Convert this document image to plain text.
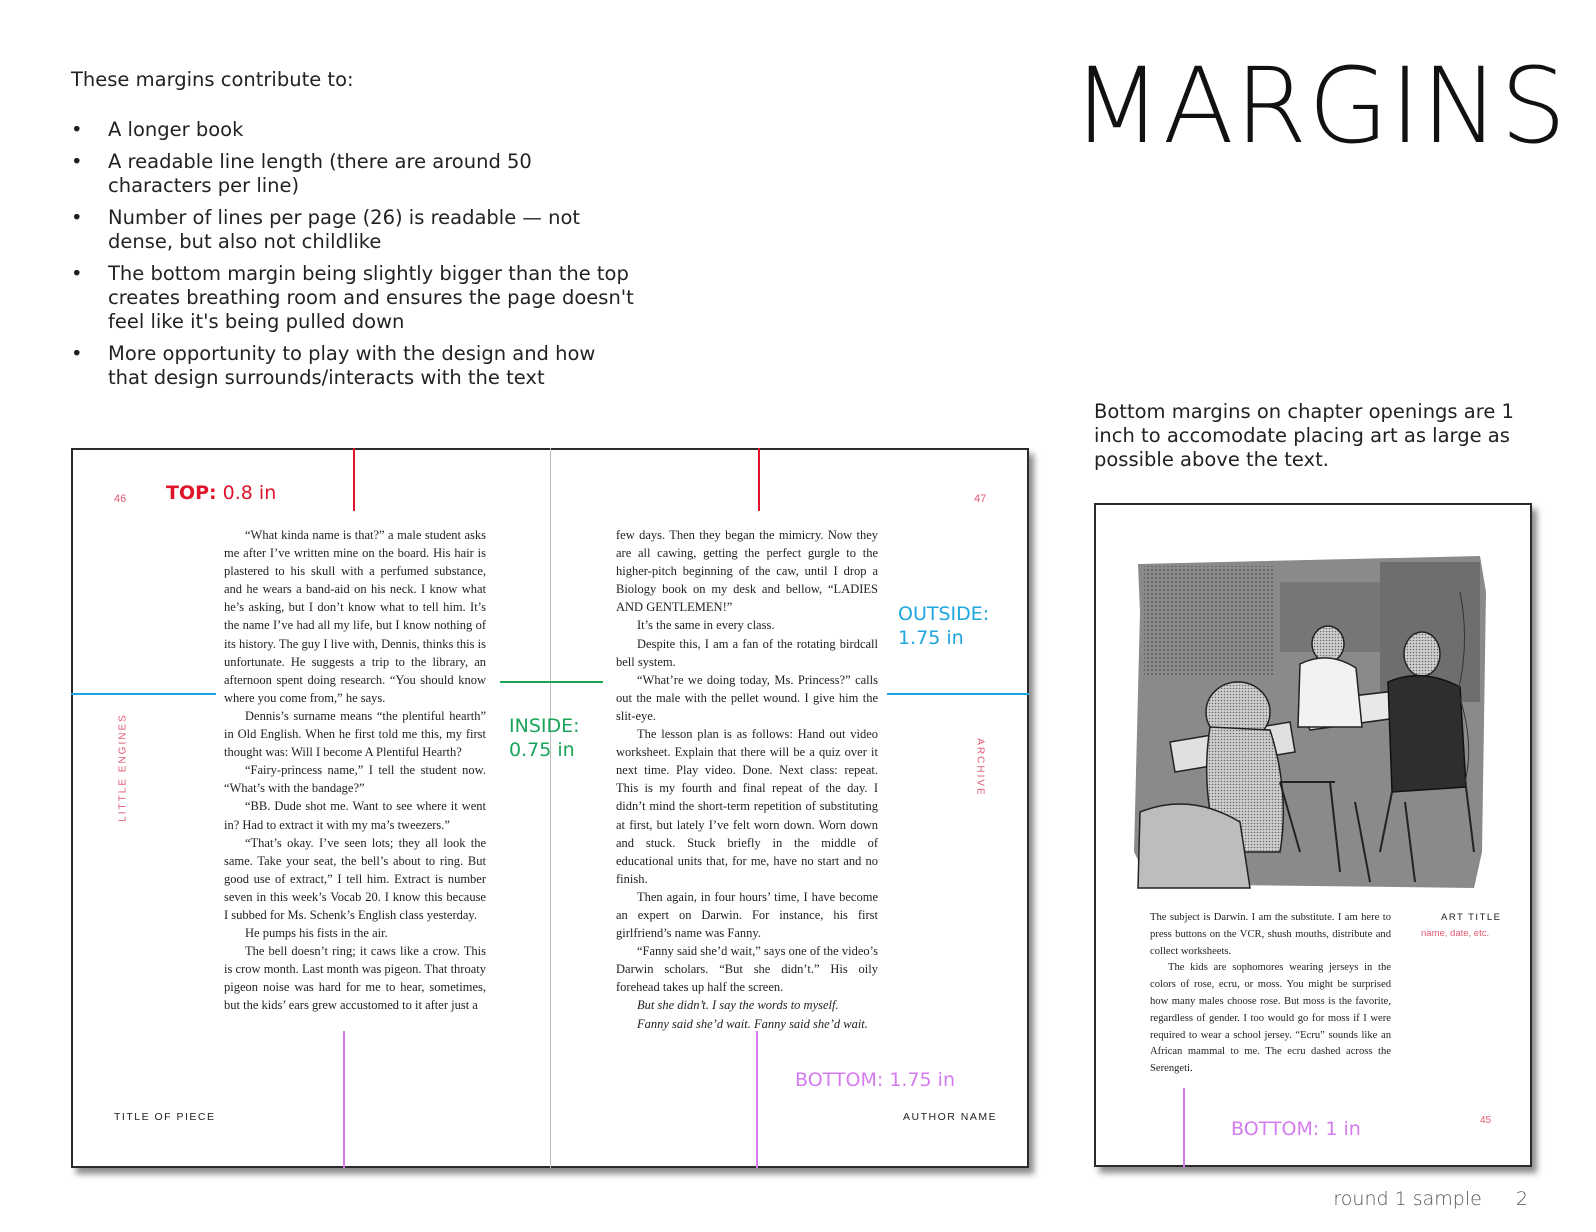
These margins contribute to:
• A longer book
• A readable line length (there are around 50 characters per line)
• Number of lines per page (26) is readable — not dense, but also not childlike
• The bottom margin being slightly bigger than the top creates breathing room and ensures the page doesn't feel like it's being pulled down
• More opportunity to play with the design and how that design surrounds/interacts with the text
MARGINS
Bottom margins on chapter openings are 1 inch to accomodate placing art as large as possible above the text.
46
LITTLE ENGINES

“What kinda name is that?” a male student asks me after I’ve written mine on the board. His hair is plastered to his skull with a perfumed substance, and he wears a band-aid on his neck. I know what he’s asking, but I don’t know what to tell him. It’s the name I’ve had all my life, but I know nothing of its history. The guy I live with, Dennis, thinks this is unfortunate. He suggests a trip to the library, an afternoon spent doing research. “You should know where you come from,” he says.

Dennis’s surname means “the plentiful hearth” in Old English. When he first told me this, my first thought was: Will I become A Plentiful Hearth?

“Fairy-princess name,” I tell the student now. “What’s with the bandage?”

“BB. Dude shot me. Want to see where it went in? Had to extract it with my ma’s tweezers.”

“That’s okay. I’ve seen lots; they all look the same. Take your seat, the bell’s about to ring. But good use of extract,” I tell him. Extract is number seven in this week’s Vocab 20. I know this because I subbed for Ms. Schenk’s English class yesterday.

He pumps his fists in the air.

The bell doesn’t ring; it caws like a crow. This is crow month. Last month was pigeon. That throaty pigeon noise was hard for me to hear, sometimes, but the kids’ ears grew accustomed to it after just a

TITLE OF PIECE
47
ARCHIVE

few days. Then they began the mimicry. Now they are all cawing, getting the perfect gurgle to the higher-pitch beginning of the caw, until I drop a Biology book on my desk and bellow, “LADIES AND GENTLEMEN!”

It’s the same in every class.

Despite this, I am a fan of the rotating birdcall bell system.

“What’re we doing today, Ms. Princess?” calls out the male with the pellet wound. I give him the slit-eye.

The lesson plan is as follows: Hand out video worksheet. Explain that there will be a quiz over it next time. Play video. Done. Next class: repeat. This is my fourth and final repeat of the day. I didn’t mind the short-term repetition of substituting at first, but lately I’ve felt worn down. Worn down and stuck. Stuck briefly in the middle of educational units that, for me, have no start and no finish.

Then again, in four hours’ time, I have become an expert on Darwin. For instance, his first girlfriend’s name was Fanny.

“Fanny said she’d wait,” says one of the video’s Darwin scholars. “But she didn’t.” His oily forehead takes up half the screen.

But she didn’t. I say the words to myself.

Fanny said she’d wait. Fanny said she’d wait.

AUTHOR NAME
TOP: 0.8 in
OUTSIDE: 1.75 in
INSIDE: 0.75 in
BOTTOM: 1.75 in

The subject is Darwin. I am the substitute. I am here to press buttons on the VCR, shush mouths, distribute and collect worksheets.

The kids are sophomores wearing jerseys in the colors of rose, ecru, or moss. You might be surprised how many males choose rose. But moss is the favorite, regardless of gender. I too would go for moss if I were required to wear a school jersey. “Ecru” sounds like an African mammal to me. The ecru dashed across the Serengeti.

ART TITLE
name, date, etc.
45
BOTTOM: 1 in
round 1 sample 2
